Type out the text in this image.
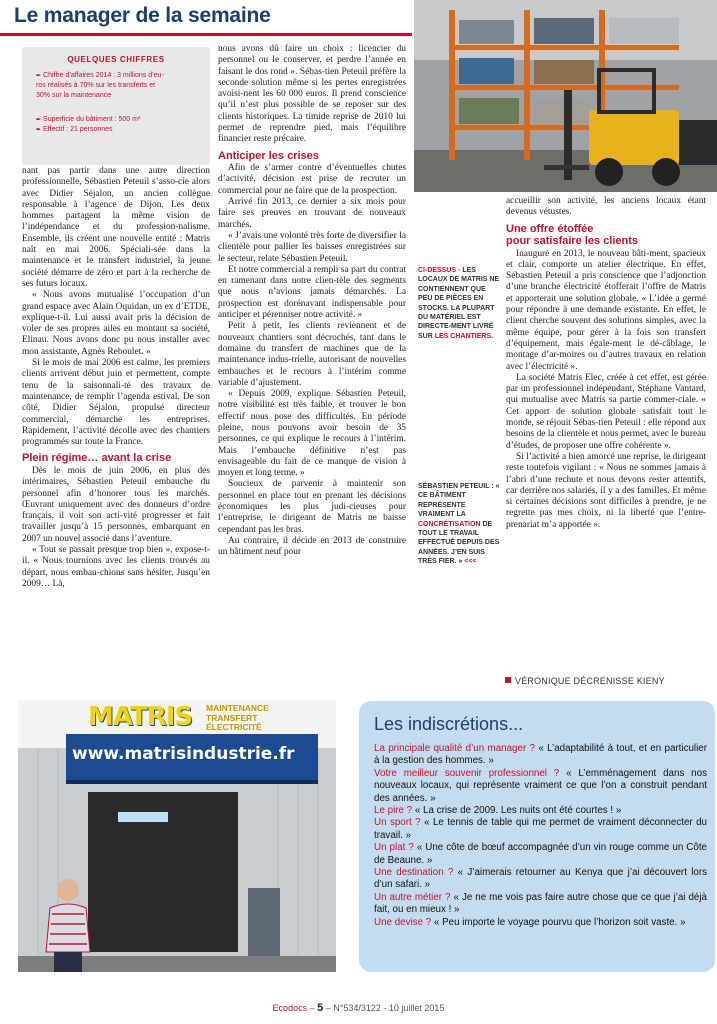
Le manager de la semaine
QUELQUES CHIFFRES
➨ Chiffre d’affaires 2014 : 3 millions d’eu-
ros réalisés à 70% sur les transferts et
30% sur la maintenance
➨ Superficie du bâtiment : 500 m²
➨ Effectif : 21 personnes

nant pas partir dans une autre direction professionnelle, Sébastien Peteuil s’asso-cie alors avec Didier Séjalon, un ancien collègue responsable à l’agence de Dijon. Les deux hommes partagent la même vision de l’indépendance et du profession-nalisme. Ensemble, ils créent une nouvelle entité : Matris naît en mai 2006. Spéciali-sée dans la maintenance et le transfert industriel, la jeune société démarre de zéro et part à la recherche de ses futurs locaux.

« Nous avons mutualisé l’occupation d’un grand espace avec Alain Oquidan, un ex d’ETDE, explique-t-il. Lui aussi avait pris la décision de voler de ses propres ailes en montant sa société, Elinau. Nous avons donc pu nous installer avec mon assistante, Agnès Reboulet. »

Si le mois de mai 2006 est calme, les premiers clients arrivent début juin et permettent, compte tenu de la saisonnali-té des travaux de maintenance, de remplir l’agenda estival. De son côté, Didier Séjalon, propulsé directeur commercial, démarche les entreprises. Rapidement, l’activité décolle avec des chantiers programmés sur toute la France.

Plein régime… avant la crise

Dès le mois de juin 2006, en plus des intérimaires, Sébastien Peteuil embauche du personnel afin d’honorer tous les marchés. Œuvrant uniquement avec des donneurs d’ordre français, il voit son acti-vité progresser et fait travailler jusqu’à 15 personnes, embarquant en 2007 un nouvel associé dans l’aventure.

« Tout se passait presque trop bien », expose-t-il. « Nous tournions avec les clients trouvés au départ, nous embau-chions sans hésiter. Jusqu’en 2009… Là,

nous avons dû faire un choix : licencier du personnel ou le conserver, et perdre l’année en faisant le dos rond ». Sébas-tien Peteuil préfère la seconde solution même si les pertes enregistrées avoisi-nent les 60 000 euros. Il prend conscience qu’il n’est plus possible de se reposer sur des clients historiques. La timide reprise de 2010 lui permet de reprendre pied, mais l’équilibre financier reste précaire.

Anticiper les crises

Afin de s’armer contre d’éventuelles chutes d’activité, décision est prise de recruter un commercial pour ne faire que de la prospection.

Arrivé fin 2013, ce dernier a six mois pour faire ses preuves en trouvant de nouveaux marchés.

« J’avais une volonté très forte de diversifier la clientèle pour pallier les baisses enregistrées sur le secteur, relate Sébastien Peteuil.

Et notre commercial a rempli sa part du contrat en ramenant dans notre clien-tèle des segments que nous n’avions jamais démarchés. La prospection est dorénavant indispensable pour anticiper et pérenniser notre activité. »

Petit à petit, les clients reviennent et de nouveaux chantiers sont décrochés, tant dans le domaine du transfert de machines que de la maintenance indus-trielle, autorisant de nouvelles embauches et le recours à l’intérim comme variable d’ajustement.

« Depuis 2009, explique Sébastien Peteuil, notre visibilité est très faible, et trouver le bon effectif nous pose des difficultés. En période pleine, nous pouvons avoir besoin de 35 personnes, ce qui explique le recours à l’intérim. Mais l’embauche définitive n’est pas envisageable du fait de ce manque de vision à moyen et long terme. »

Soucieux de parvenir à maintenir son personnel en place tout en prenant les décisions économiques les plus judi-cieuses pour l’entreprise, le dirigeant de Matris ne baisse cependant pas les bras.

Au contraire, il décide en 2013 de construire un bâtiment neuf pour

CI-DESSUS - LES LOCAUX DE MATRIS NE CONTIENNENT QUE PEU DE PIÈCES EN STOCKS. LA PLUPART DU MATÉRIEL EST DIRECTE-MENT LIVRÉ SUR LES CHANTIERS.
SÉBASTIEN PETEUIL : « CE BÂTIMENT REPRÉSENTE VRAIMENT LA CONCRÉTISATION DE TOUT LE TRAVAIL EFFECTUÉ DEPUIS DES ANNÉES. J’EN SUIS TRÈS FIER. » <<<

accueillir son activité, les anciens locaux étant devenus vétustes.

Une offre étoffée
pour satisfaire les clients

Inauguré en 2013, le nouveau bâti-ment, spacieux et clair, comporte un atelier électrique. En effet, Sébastien Peteuil a pris conscience que l’adjonction d’une branche électricité étofferait l’offre de Matris et apporterait une solution globale. « L’idée a germé pour répondre à une demande existante. En effet, le client cherche souvent des solutions simples, avec la même équipe, pour gérer à la fois son transfert d’équipement, mais égale-ment le dé-câblage, le montage d’ar-moires ou d’autres travaux en relation avec l’électricité ».

La société Matris Elec, créée à cet effet, est gérée par un professionnel indépendant, Stéphane Vantard, qui mutualise avec Matris sa partie commer-ciale. « Cet apport de solution globale satisfait tout le monde, se réjouit Sébas-tien Peteuil : elle répond aux besoins de la clientèle et nous permet, avec le bureau d’études, de proposer une offre cohérente ».

Si l’activité a bien amorcé une reprise, le dirigeant reste toutefois vigilant : « Nous ne sommes jamais à l’abri d’une rechute et nous devons rester attentifs, car derrière nos salariés, il y a des familles. Et même si certaines décisions sont difficiles à prendre, je ne regrette pas mes choix, ni la liberté que l’entre-prenariat m’a apportée ».

VÉRONIQUE DÉCRENISSE KIENY
MATRIS MAINTENANCE
TRANSFERT
ÉLECTRICITÉ
www.matrisindustrie.fr
Les indiscrétions...
La principale qualité d’un manager ? « L’adaptabilité à tout, et en particulier à la gestion des hommes. »
Votre meilleur souvenir professionnel ? « L’emménagement dans nos nouveaux locaux, qui représente vraiment ce que l’on a construit pendant des années. »
Le pire ? « La crise de 2009. Les nuits ont été courtes ! »
Un sport ? « Le tennis de table qui me permet de vraiment déconnecter du travail. »
Un plat ? « Une côte de bœuf accompagnée d’un vin rouge comme un Côte de Beaune. »
Une destination ? « J’aimerais retourner au Kenya que j’ai découvert lors d’un safari. »
Un autre métier ? « Je ne me vois pas faire autre chose que ce que j’ai déjà fait, ou en mieux ! »
Une devise ? « Peu importe le voyage pourvu que l’horizon soit vaste. »
Ecodocs – 5 – N°534/3122 - 10 juillet 2015
